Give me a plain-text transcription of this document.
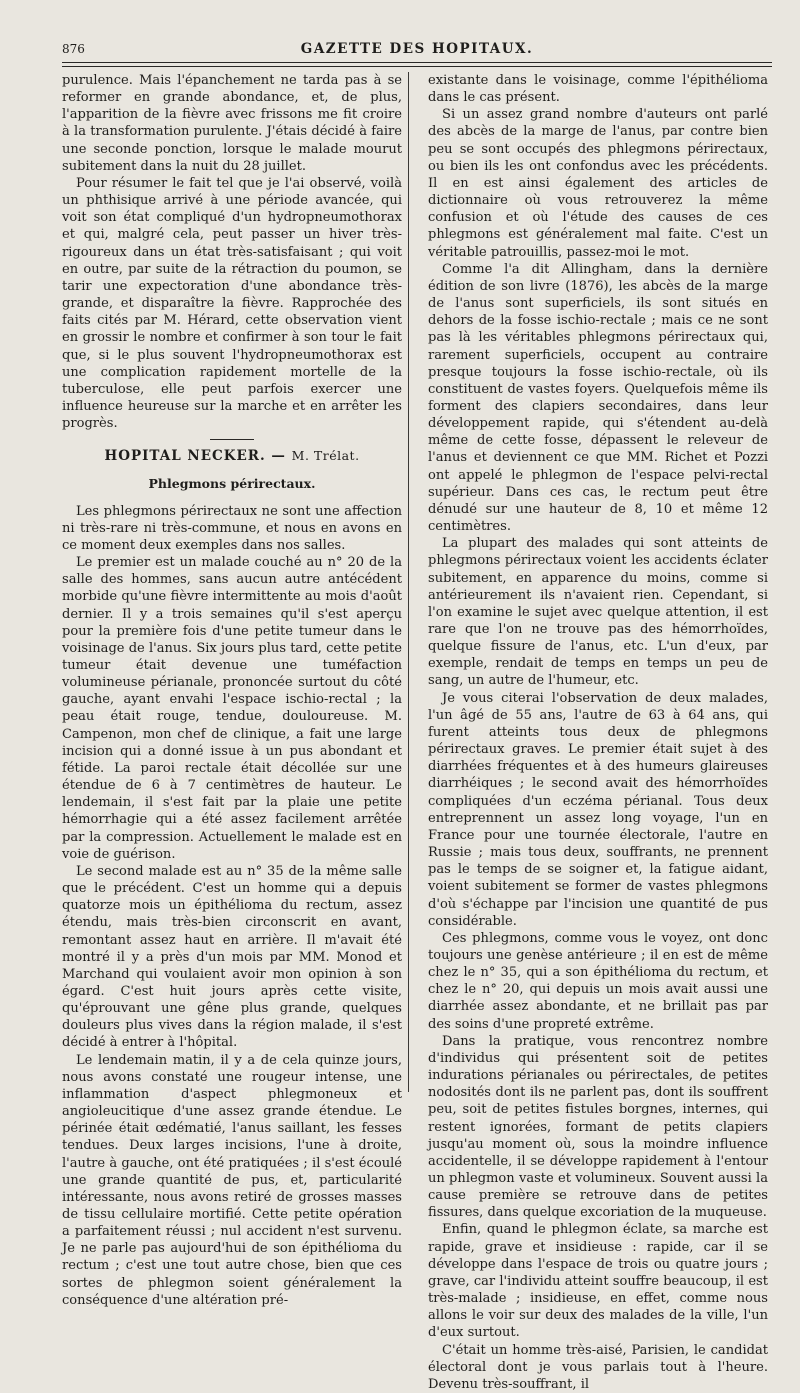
876	GAZETTE DES HOPITAUX.

purulence. Mais l'épanchement ne tarda pas à se reformer en grande abondance, et, de plus, l'apparition de la fièvre avec frissons me fit croire à la transformation purulente. J'étais décidé à faire une seconde ponction, lorsque le malade mourut subitement dans la nuit du 28 juillet.

Pour résumer le fait tel que je l'ai observé, voilà un phthisique arrivé à une période avancée, qui voit son état compliqué d'un hydropneumothorax et qui, malgré cela, peut passer un hiver très-rigoureux dans un état très-satisfaisant ; qui voit en outre, par suite de la rétraction du poumon, se tarir une expectoration d'une abondance très-grande, et disparaître la fièvre. Rapprochée des faits cités par M. Hérard, cette observation vient en grossir le nombre et confirmer à son tour le fait que, si le plus souvent l'hydropneumothorax est une complication rapidement mortelle de la tuberculose, elle peut parfois exercer une influence heureuse sur la marche et en arrêter les progrès.

HOPITAL NECKER. — M. Trélat.
Phlegmons périrectaux.

Les phlegmons périrectaux ne sont une affection ni très-rare ni très-commune, et nous en avons en ce moment deux exemples dans nos salles.

Le premier est un malade couché au n° 20 de la salle des hommes, sans aucun autre antécédent morbide qu'une fièvre intermittente au mois d'août dernier. Il y a trois semaines qu'il s'est aperçu pour la première fois d'une petite tumeur dans le voisinage de l'anus. Six jours plus tard, cette petite tumeur était devenue une tuméfaction volumineuse périanale, prononcée surtout du côté gauche, ayant envahi l'espace ischio-rectal ; la peau était rouge, tendue, douloureuse. M. Campenon, mon chef de clinique, a fait une large incision qui a donné issue à un pus abondant et fétide. La paroi rectale était décollée sur une étendue de 6 à 7 centimètres de hauteur. Le lendemain, il s'est fait par la plaie une petite hémorrhagie qui a été assez facilement arrêtée par la compression. Actuellement le malade est en voie de guérison.

Le second malade est au n° 35 de la même salle que le précédent. C'est un homme qui a depuis quatorze mois un épithélioma du rectum, assez étendu, mais très-bien circonscrit en avant, remontant assez haut en arrière. Il m'avait été montré il y a près d'un mois par MM. Monod et Marchand qui voulaient avoir mon opinion à son égard. C'est huit jours après cette visite, qu'éprouvant une gêne plus grande, quelques douleurs plus vives dans la région malade, il s'est décidé à entrer à l'hôpital.

Le lendemain matin, il y a de cela quinze jours, nous avons constaté une rougeur intense, une inflammation d'aspect phlegmoneux et angioleucitique d'une assez grande étendue. Le périnée était œdématié, l'anus saillant, les fesses tendues. Deux larges incisions, l'une à droite, l'autre à gauche, ont été pratiquées ; il s'est écoulé une grande quantité de pus, et, particularité intéressante, nous avons retiré de grosses masses de tissu cellulaire mortifié. Cette petite opération a parfaitement réussi ; nul accident n'est survenu. Je ne parle pas aujourd'hui de son épithélioma du rectum ; c'est une tout autre chose, bien que ces sortes de phlegmon soient généralement la conséquence d'une altération pré-

existante dans le voisinage, comme l'épithélioma dans le cas présent.

Si un assez grand nombre d'auteurs ont parlé des abcès de la marge de l'anus, par contre bien peu se sont occupés des phlegmons périrectaux, ou bien ils les ont confondus avec les précédents. Il en est ainsi également des articles de dictionnaire où vous retrouverez la même confusion et où l'étude des causes de ces phlegmons est généralement mal faite. C'est un véritable patrouillis, passez-moi le mot.

Comme l'a dit Allingham, dans la dernière édition de son livre (1876), les abcès de la marge de l'anus sont superficiels, ils sont situés en dehors de la fosse ischio-rectale ; mais ce ne sont pas là les véritables phlegmons périrectaux qui, rarement superficiels, occupent au contraire presque toujours la fosse ischio-rectale, où ils constituent de vastes foyers. Quelquefois même ils forment des clapiers secondaires, dans leur développement rapide, qui s'étendent au-delà même de cette fosse, dépassent le releveur de l'anus et deviennent ce que MM. Richet et Pozzi ont appelé le phlegmon de l'espace pelvi-rectal supérieur. Dans ces cas, le rectum peut être dénudé sur une hauteur de 8, 10 et même 12 centimètres.

La plupart des malades qui sont atteints de phlegmons périrectaux voient les accidents éclater subitement, en apparence du moins, comme si antérieurement ils n'avaient rien. Cependant, si l'on examine le sujet avec quelque attention, il est rare que l'on ne trouve pas des hémorrhoïdes, quelque fissure de l'anus, etc. L'un d'eux, par exemple, rendait de temps en temps un peu de sang, un autre de l'humeur, etc.

Je vous citerai l'observation de deux malades, l'un âgé de 55 ans, l'autre de 63 à 64 ans, qui furent atteints tous deux de phlegmons périrectaux graves. Le premier était sujet à des diarrhées fréquentes et à des humeurs glaireuses diarrhéiques ; le second avait des hémorrhoïdes compliquées d'un eczéma périanal. Tous deux entreprennent un assez long voyage, l'un en France pour une tournée électorale, l'autre en Russie ; mais tous deux, souffrants, ne prennent pas le temps de se soigner et, la fatigue aidant, voient subitement se former de vastes phlegmons d'où s'échappe par l'incision une quantité de pus considérable.

Ces phlegmons, comme vous le voyez, ont donc toujours une genèse antérieure ; il en est de même chez le n° 35, qui a son épithélioma du rectum, et chez le n° 20, qui depuis un mois avait aussi une diarrhée assez abondante, et ne brillait pas par des soins d'une propreté extrême.

Dans la pratique, vous rencontrez nombre d'individus qui présentent soit de petites indurations périanales ou périrectales, de petites nodosités dont ils ne parlent pas, dont ils souffrent peu, soit de petites fistules borgnes, internes, qui restent ignorées, formant de petits clapiers jusqu'au moment où, sous la moindre influence accidentelle, il se développe rapidement à l'entour un phlegmon vaste et volumineux. Souvent aussi la cause première se retrouve dans de petites fissures, dans quelque excoriation de la muqueuse.

Enfin, quand le phlegmon éclate, sa marche est rapide, grave et insidieuse : rapide, car il se développe dans l'espace de trois ou quatre jours ; grave, car l'individu atteint souffre beaucoup, il est très-malade ; insidieuse, en effet, comme nous allons le voir sur deux des malades de la ville, l'un d'eux surtout.

C'était un homme très-aisé, Parisien, le candidat électoral dont je vous parlais tout à l'heure. Devenu très-souffrant, il
